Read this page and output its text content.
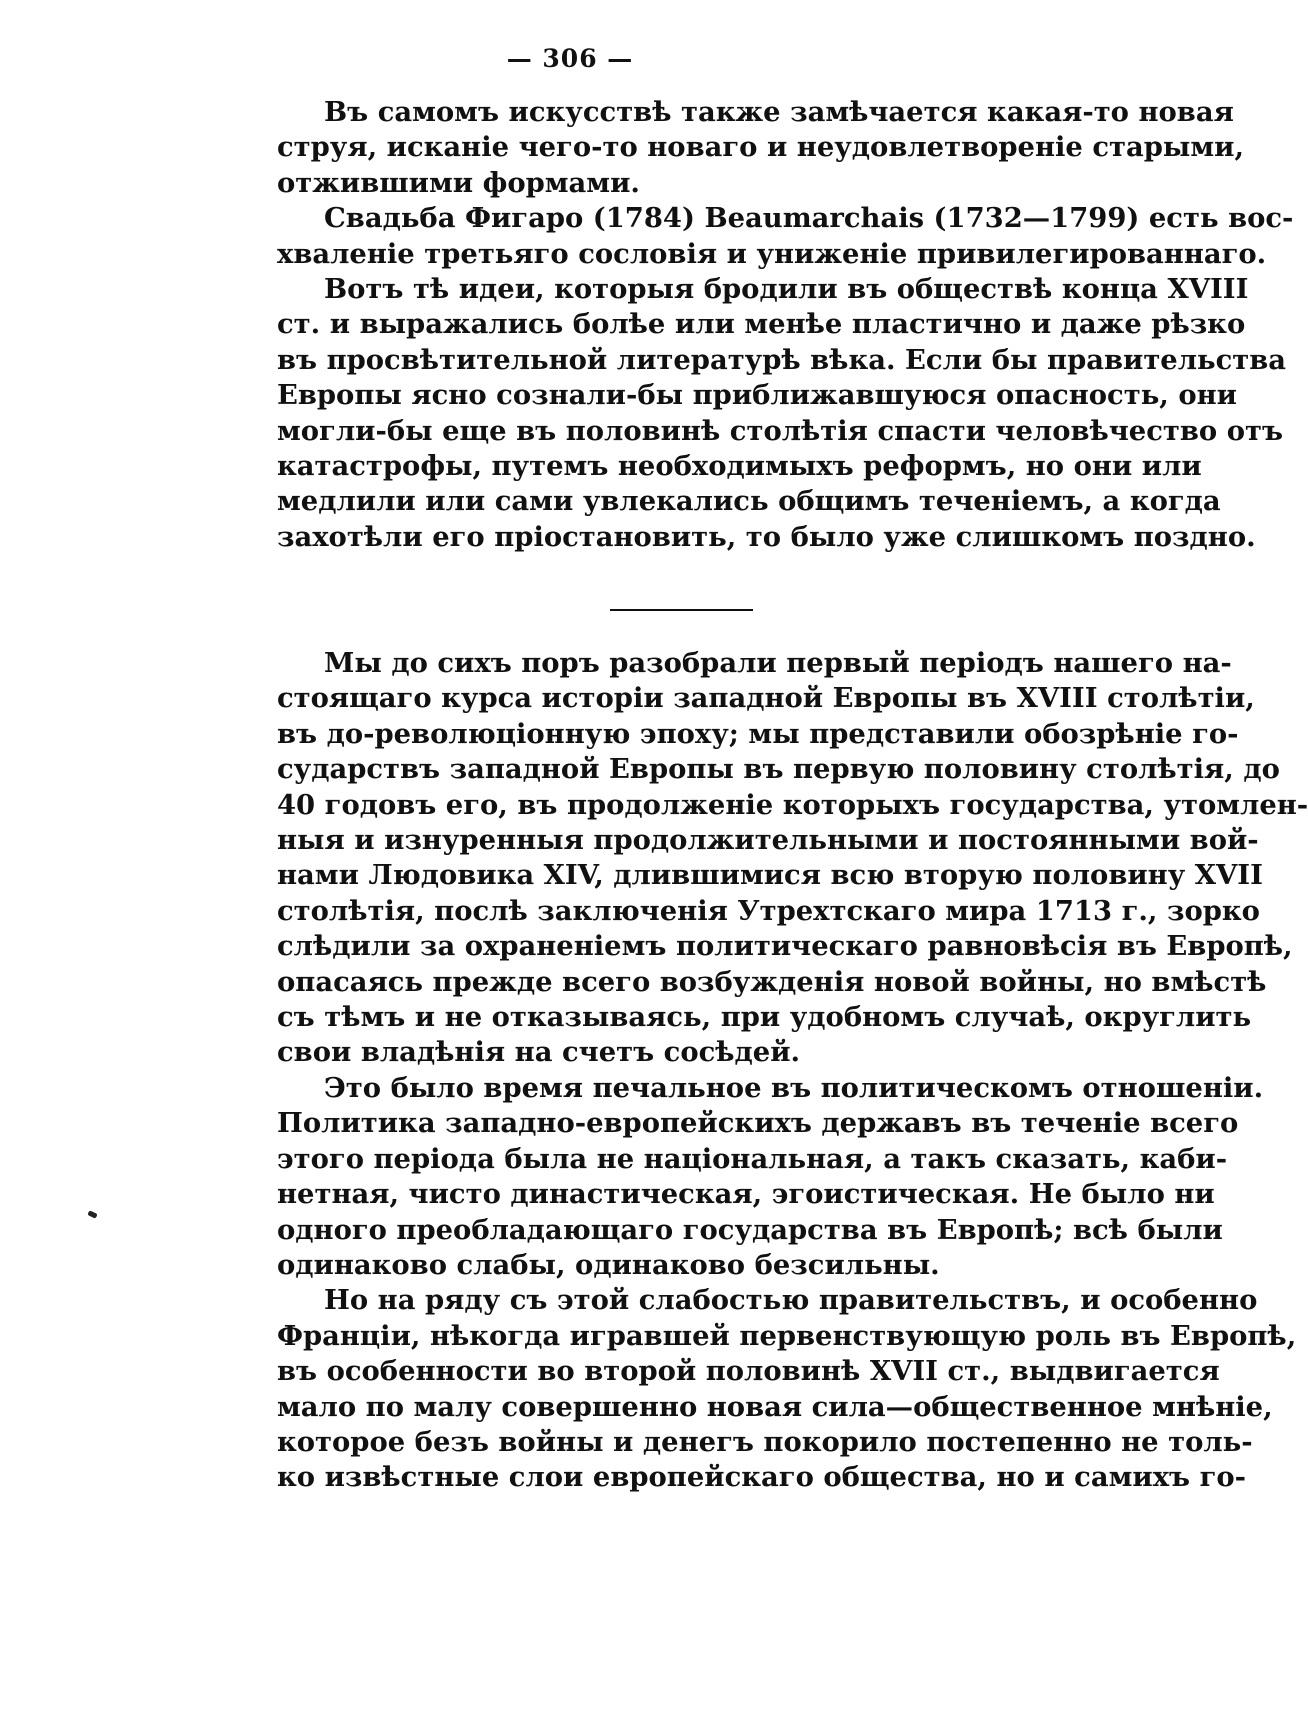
— 306 —
Въ самомъ искусствѣ также замѣчается какая-то новая
струя, исканіе чего-то новаго и неудовлетвореніе старыми,
отжившими формами.
Свадьба Фигаро (1784) Beaumarchais (1732—1799) есть вос-
хваленіе третьяго сословія и униженіе привилегированнаго.
Вотъ тѣ идеи, которыя бродили въ обществѣ конца XVIII
ст. и выражались болѣе или менѣе пластично и даже рѣзко
въ просвѣтительной литературѣ вѣка. Если бы правительства
Европы ясно сознали-бы приближавшуюся опасность, они
могли-бы еще въ половинѣ столѣтія спасти человѣчество отъ
катастрофы, путемъ необходимыхъ реформъ, но они или
медлили или сами увлекались общимъ теченіемъ, а когда
захотѣли его пріостановить, то было уже слишкомъ поздно.
Мы до сихъ поръ разобрали первый періодъ нашего на-
стоящаго курса исторіи западной Европы въ XVIII столѣтіи,
въ до-революціонную эпоху; мы представили обозрѣніе го-
сударствъ западной Европы въ первую половину столѣтія, до
40 годовъ его, въ продолженіе которыхъ государства, утомлен-
ныя и изнуренныя продолжительными и постоянными вой-
нами Людовика XIV, длившимися всю вторую половину XVII
столѣтія, послѣ заключенія Утрехтскаго мира 1713 г., зорко
слѣдили за охраненіемъ политическаго равновѣсія въ Европѣ,
опасаясь прежде всего возбужденія новой войны, но вмѣстѣ
съ тѣмъ и не отказываясь, при удобномъ случаѣ, округлить
свои владѣнія на счетъ сосѣдей.
Это было время печальное въ политическомъ отношеніи.
Политика западно-европейскихъ державъ въ теченіе всего
этого періода была не національная, а такъ сказать, каби-
нетная, чисто династическая, эгоистическая. Не было ни
одного преобладающаго государства въ Европѣ; всѣ были
одинаково слабы, одинаково безсильны.
Но на ряду съ этой слабостью правительствъ, и особенно
Франціи, нѣкогда игравшей первенствующую роль въ Европѣ,
въ особенности во второй половинѣ XVII ст., выдвигается
мало по малу совершенно новая сила—общественное мнѣніе,
которое безъ войны и денегъ покорило постепенно не толь-
ко извѣстные слои европейскаго общества, но и самихъ го-
